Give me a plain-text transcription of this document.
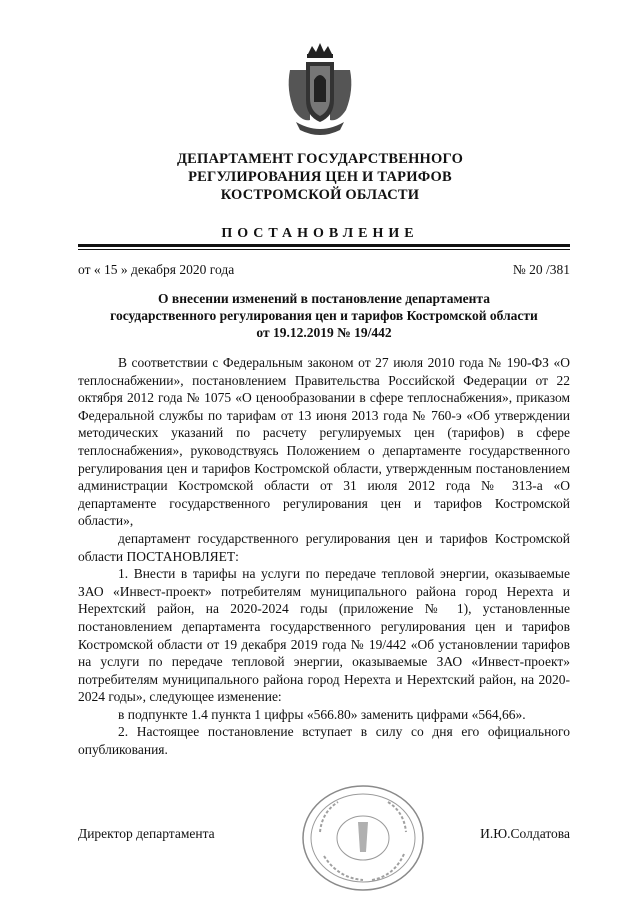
ДЕПАРТАМЕНТ ГОСУДАРСТВЕННОГО
РЕГУЛИРОВАНИЯ ЦЕН И ТАРИФОВ
КОСТРОМСКОЙ ОБЛАСТИ
ПОСТАНОВЛЕНИЕ
от « 15 » декабря 2020 года	№ 20 /381
О внесении изменений в постановление департамента
государственного регулирования цен и тарифов Костромской области
от 19.12.2019 № 19/442

В соответствии с Федеральным законом от 27 июля 2010 года № 190-ФЗ «О теплоснабжении», постановлением Правительства Российской Федерации от 22 октября 2012 года № 1075 «О ценообразовании в сфере теплоснабжения», приказом Федеральной службы по тарифам от 13 июня 2013 года № 760-э «Об утверждении методических указаний по расчету регулируемых цен (тарифов) в сфере теплоснабжения», руководствуясь Положением о департаменте государственного регулирования цен и тарифов Костромской области, утвержденным постановлением администрации Костромской области от 31 июля 2012 года № 313-а «О департаменте государственного регулирования цен и тарифов Костромской области»,

департамент государственного регулирования цен и тарифов Костромской области ПОСТАНОВЛЯЕТ:

1. Внести в тарифы на услуги по передаче тепловой энергии, оказываемые ЗАО «Инвест-проект» потребителям муниципального района город Нерехта и Нерехтский район, на 2020-2024 годы (приложение № 1), установленные постановлением департамента государственного регулирования цен и тарифов Костромской области от 19 декабря 2019 года № 19/442 «Об установлении тарифов на услуги по передаче тепловой энергии, оказываемые ЗАО «Инвест-проект» потребителям муниципального района город Нерехта и Нерехтский район, на 2020-2024 годы», следующее изменение:

в подпункте 1.4 пункта 1 цифры «566.80» заменить цифрами «564,66».

2. Настоящее постановление вступает в силу со дня его официального опубликования.

Директор департамента	И.Ю.Солдатова
